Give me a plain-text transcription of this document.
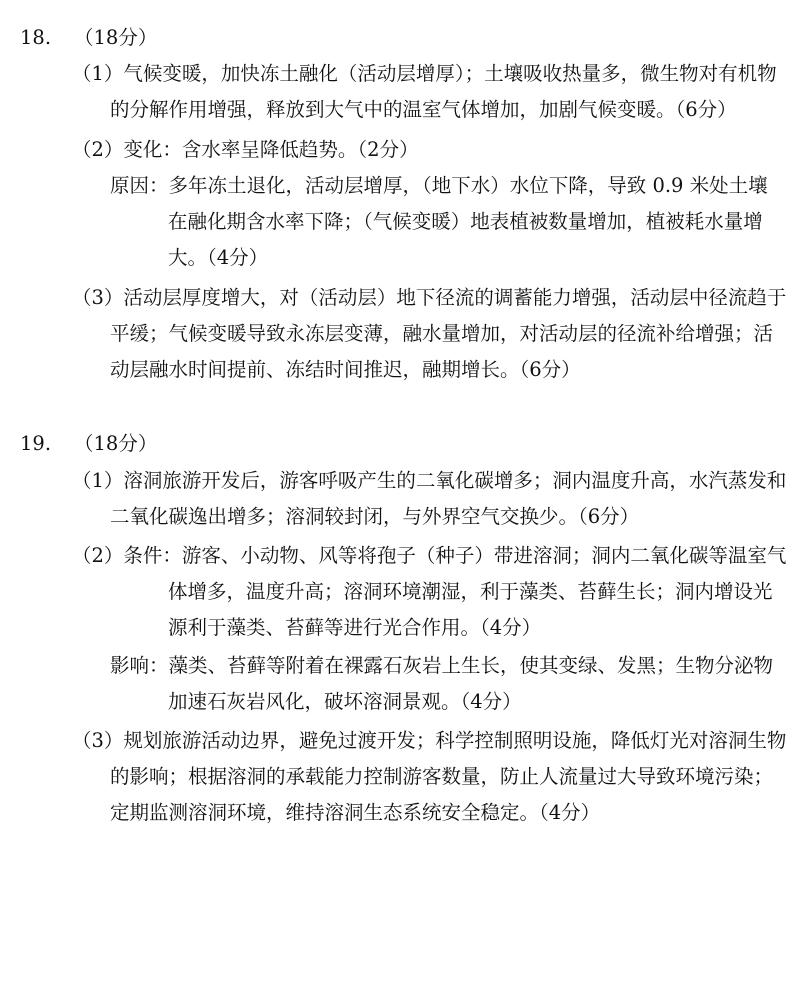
18. （18分）

（1）气候变暖，加快冻土融化（活动层增厚）；土壤吸收热量多，微生物对有机物

的分解作用增强，释放到大气中的温室气体增加，加剧气候变暖。（6分）

（2）变化：含水率呈降低趋势。（2分）

原因：多年冻土退化，活动层增厚，（地下水）水位下降，导致 0.9 米处土壤

在融化期含水率下降；（气候变暖）地表植被数量增加，植被耗水量增

大。（4分）

（3）活动层厚度增大，对（活动层）地下径流的调蓄能力增强，活动层中径流趋于

平缓；气候变暖导致永冻层变薄，融水量增加，对活动层的径流补给增强；活

动层融水时间提前、冻结时间推迟，融期增长。（6分）

19. （18分）

（1）溶洞旅游开发后，游客呼吸产生的二氧化碳增多；洞内温度升高，水汽蒸发和

二氧化碳逸出增多；溶洞较封闭，与外界空气交换少。（6分）

（2）条件：游客、小动物、风等将孢子（种子）带进溶洞；洞内二氧化碳等温室气

体增多，温度升高；溶洞环境潮湿，利于藻类、苔藓生长；洞内增设光

源利于藻类、苔藓等进行光合作用。（4分）

影响：藻类、苔藓等附着在裸露石灰岩上生长，使其变绿、发黑；生物分泌物

加速石灰岩风化，破坏溶洞景观。（4分）

（3）规划旅游活动边界，避免过渡开发；科学控制照明设施，降低灯光对溶洞生物

的影响；根据溶洞的承载能力控制游客数量，防止人流量过大导致环境污染；

定期监测溶洞环境，维持溶洞生态系统安全稳定。（4分）
